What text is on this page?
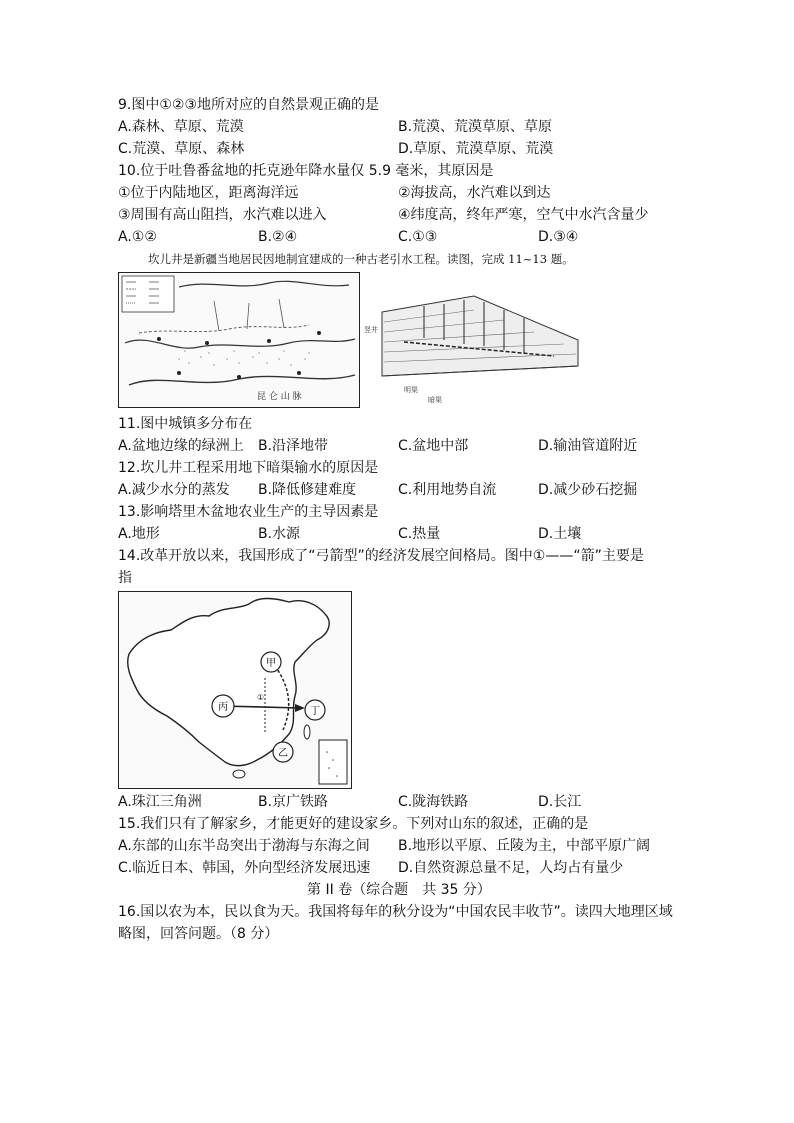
9.图中①②③地所对应的自然景观正确的是
A.森林、草原、荒漠	B.荒漠、荒漠草原、草原
C.荒漠、草原、森林	D.草原、荒漠草原、荒漠
10.位于吐鲁番盆地的托克逊年降水量仅 5.9 毫米，其原因是
①位于内陆地区，距离海洋远	②海拔高，水汽难以到达
③周围有高山阻挡，水汽难以进入	④纬度高，终年严寒，空气中水汽含量少
A.①②	B.②④	C.①③	D.③④
坎儿井是新疆当地居民因地制宜建成的一种古老引水工程。读图，完成 11~13 题。
昆 仑 山 脉
竖井
明渠
暗渠
11.图中城镇多分布在
A.盆地边缘的绿洲上 B.沿泽地带	C.盆地中部	D.输油管道附近
12.坎儿井工程采用地下暗渠输水的原因是
A.减少水分的蒸发 B.降低修建难度	C.利用地势自流	D.减少砂石挖掘
13.影响塔里木盆地农业生产的主导因素是
A.地形	B.水源	C.热量	D.土壤
14.改革开放以来，我国形成了“弓箭型”的经济发展空间格局。图中①——“箭”主要是
指
甲
乙
丙	丁
①
A.珠江三角洲	B.京广铁路	C.陇海铁路	D.长江
15.我们只有了解家乡，才能更好的建设家乡。下列对山东的叙述，正确的是
A.东部的山东半岛突出于渤海与东海之间 B.地形以平原、丘陵为主，中部平原广阔
C.临近日本、韩国，外向型经济发展迅速 D.自然资源总量不足，人均占有量少
第 II 卷（综合题　共 35 分）
16.国以农为本，民以食为天。我国将每年的秋分设为“中国农民丰收节”。读四大地理区域
略图，回答问题。（8 分）
